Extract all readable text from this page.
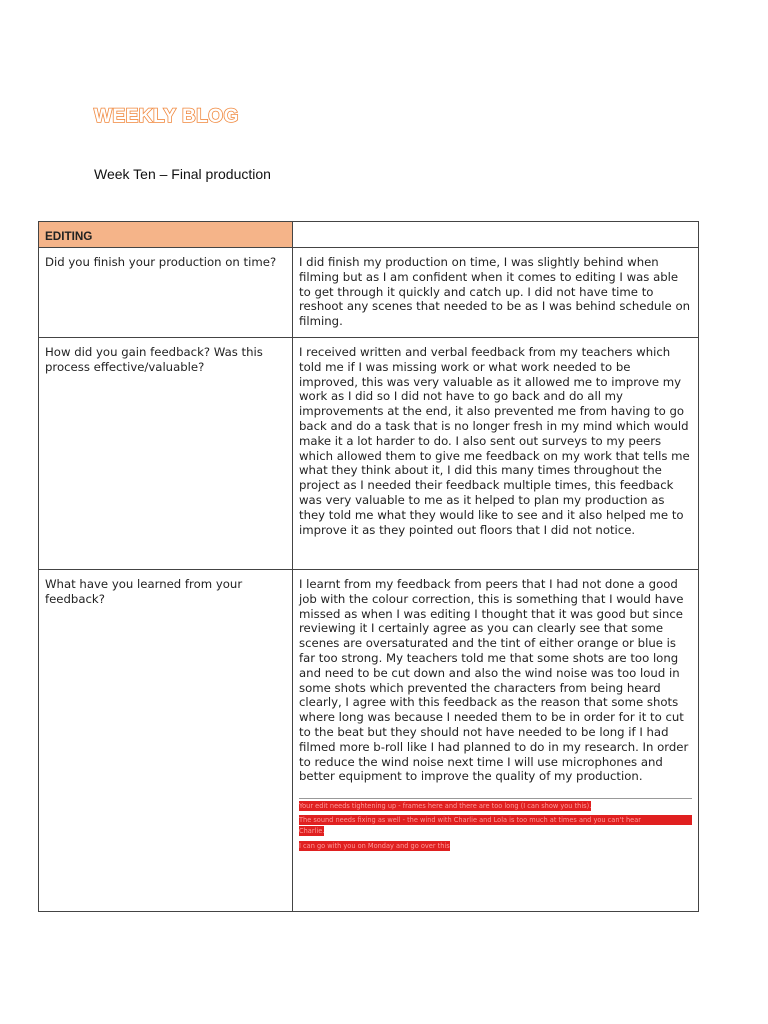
WEEKLY BLOG
Week Ten – Final production
EDITING	
Did you finish your production on time?	I did finish my production on time, I was slightly behind when filming but as I am confident when it comes to editing I was able to get through it quickly and catch up. I did not have time to reshoot any scenes that needed to be as I was behind schedule on filming.
How did you gain feedback? Was this process effective/valuable?	I received written and verbal feedback from my teachers which told me if I was missing work or what work needed to be improved, this was very valuable as it allowed me to improve my work as I did so I did not have to go back and do all my improvements at the end, it also prevented me from having to go back and do a task that is no longer fresh in my mind which would make it a lot harder to do. I also sent out surveys to my peers which allowed them to give me feedback on my work that tells me what they think about it, I did this many times throughout the project as I needed their feedback multiple times, this feedback was very valuable to me as it helped to plan my production as they told me what they would like to see and it also helped me to improve it as they pointed out floors that I did not notice.
What have you learned from your feedback?	I learnt from my feedback from peers that I had not done a good job with the colour correction, this is something that I would have missed as when I was editing I thought that it was good but since reviewing it I certainly agree as you can clearly see that some scenes are oversaturated and the tint of either orange or blue is far too strong. My teachers told me that some shots are too long and need to be cut down and also the wind noise was too loud in some shots which prevented the characters from being heard clearly, I agree with this feedback as the reason that some shots where long was because I needed them to be in order for it to cut to the beat but they should not have needed to be long if I had filmed more b-roll like I had planned to do in my research. In order to reduce the wind noise next time I will use microphones and better equipment to improve the quality of my production.
Your edit needs tightening up - frames here and there are too long (I can show you this).

The sound needs fixing as well - the wind with Charlie and Lola is too much at times and you can't hear
Charlie.
I can go with you on Monday and go over this
